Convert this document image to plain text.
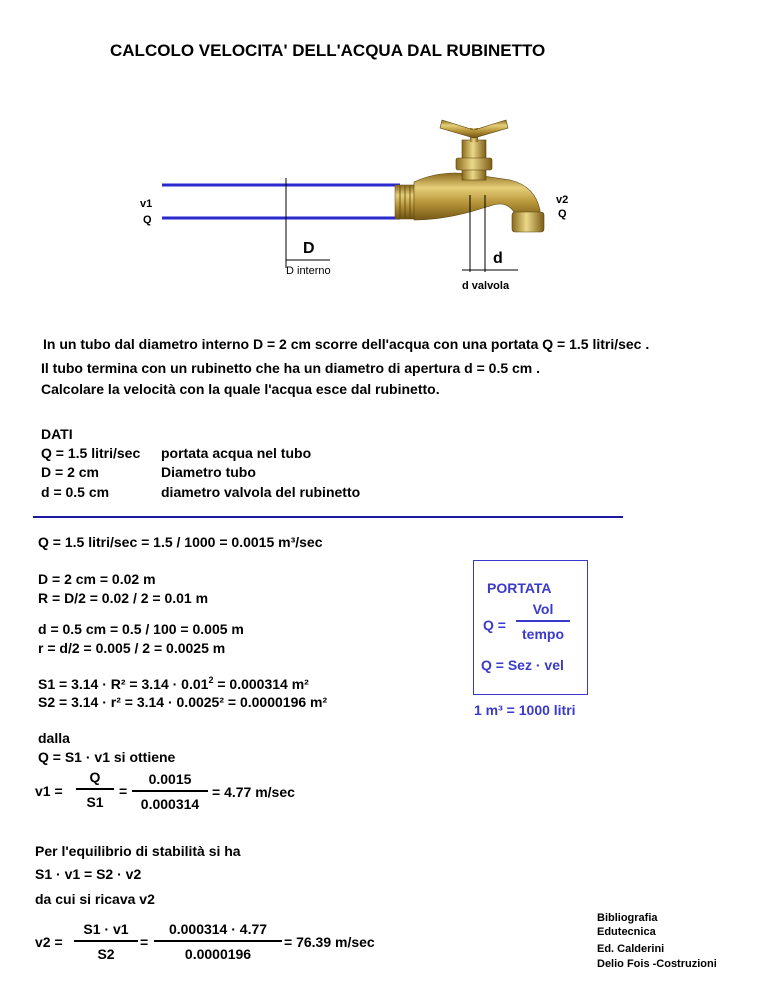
CALCOLO VELOCITA' DELL'ACQUA DAL RUBINETTO
v1
Q
v2
Q
D
D interno
d
d valvola
In un tubo dal diametro interno D = 2 cm scorre dell'acqua con una portata Q = 1.5 litri/sec .
Il tubo termina con un rubinetto che ha un diametro di apertura d = 0.5 cm .
Calcolare la velocità con la quale l'acqua esce dal rubinetto.
DATI
Q = 1.5 litri/sec portata acqua nel tubo
D = 2 cm	Diametro tubo
d = 0.5 cm	diametro valvola del rubinetto
Q = 1.5 litri/sec = 1.5 / 1000 = 0.0015 m³/sec
D = 2 cm = 0.02 m
R = D/2 = 0.02 / 2 = 0.01 m
d = 0.5 cm = 0.5 / 100 = 0.005 m
r = d/2 = 0.005 / 2 = 0.0025 m
$S1 = 3.14 \cdot R^2 = 3.14 \cdot 0.01^2 = 0.000314$ m²
S2 = 3.14 · r² = 3.14 · 0.0025² = 0.0000196 m²
dalla
Q = S1 · v1 si ottiene
v1 =
Q
S1
=
0.0015
0.000314
= 4.77 m/sec
Per l'equilibrio di stabilità si ha
S1 · v1 = S2 · v2
da cui si ricava v2
v2 =
S1 · v1
S2
=
0.000314 · 4.77
0.0000196
= 76.39 m/sec
PORTATA
Q =
Vol
tempo
Q = Sez · vel
1 m³ = 1000 litri
Bibliografia
Edutecnica
Ed. Calderini
Delio Fois -Costruzioni
